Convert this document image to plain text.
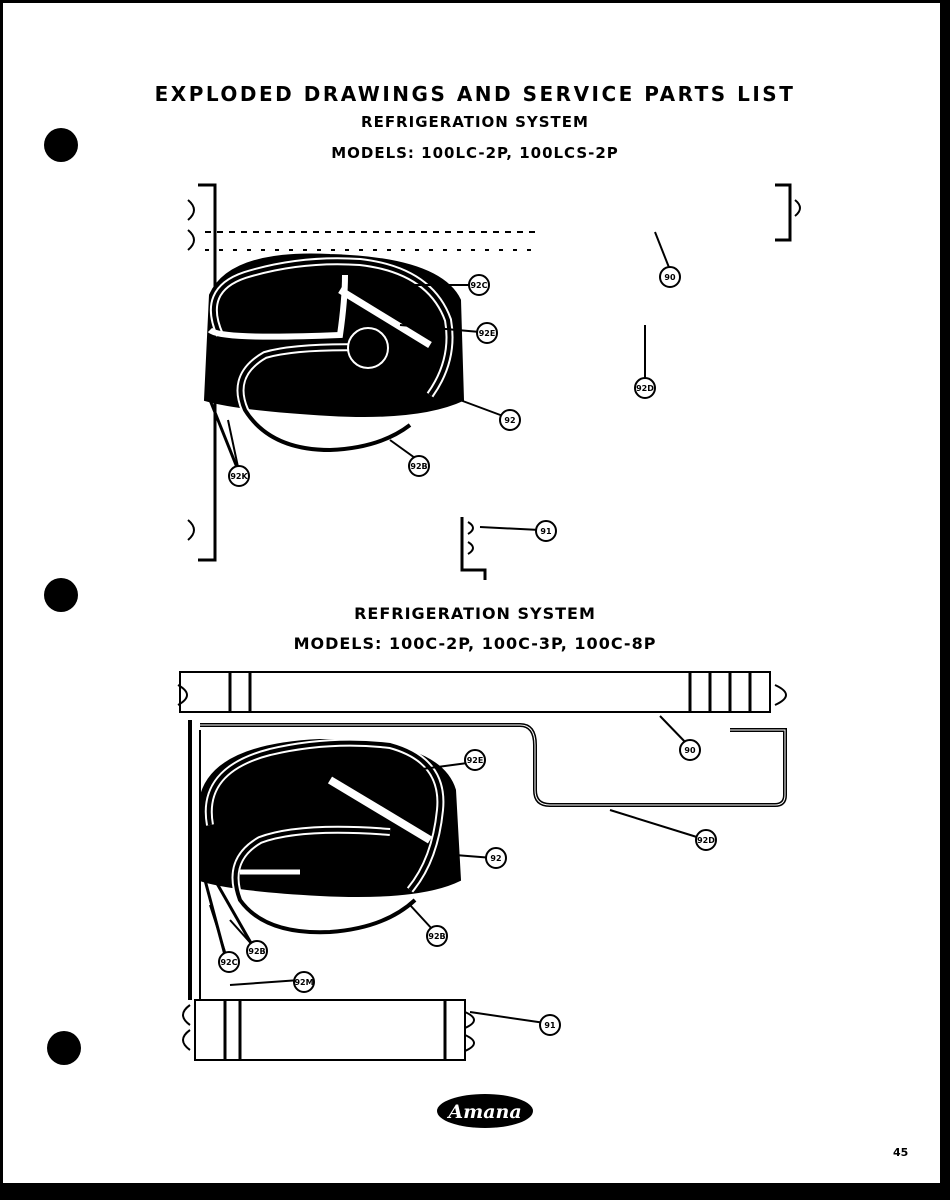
EXPLODED DRAWINGS AND SERVICE PARTS LIST
REFRIGERATION SYSTEM
MODELS: 100LC-2P, 100LCS-2P
REFRIGERATION SYSTEM
MODELS: 100C-2P, 100C-3P, 100C-8P
92C
90
92E
92D
92
92B
92K
91
92E
90
92D
92
92B
92C
92B
92M
91
Amana
45
